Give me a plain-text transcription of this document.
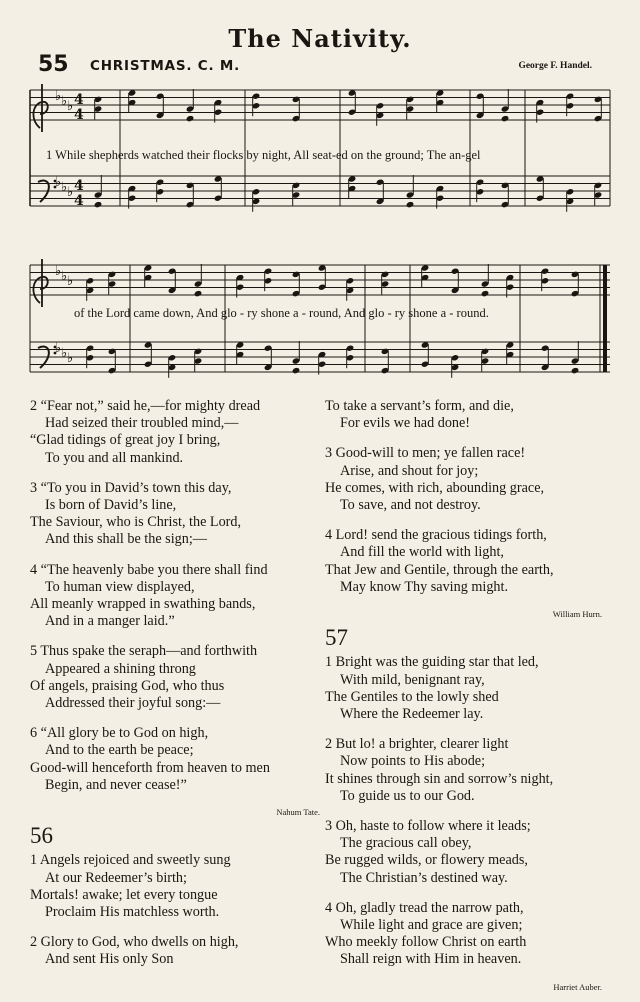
The Nativity.
55 CHRISTMAS. C. M.	George F. Handel.
♭ ♭ ♭
♭ ♭ ♭
4
4
4
4
♭ ♭ ♭
♭ ♭ ♭
1 While shepherds watched their flocks by night, All seat-ed on the ground; The an-gel
of the Lord came down, And glo - ry shone a - round, And glo - ry shone a - round.
2 “Fear not,” said he,—for mighty dread
Had seized their troubled mind,—
“Glad tidings of great joy I bring,
To you and all mankind.
3 “To you in David’s town this day,
Is born of David’s line,
The Saviour, who is Christ, the Lord,
And this shall be the sign;—
4 “The heavenly babe you there shall find
To human view displayed,
All meanly wrapped in swathing bands,
And in a manger laid.”
5 Thus spake the seraph—and forthwith
Appeared a shining throng
Of angels, praising God, who thus
Addressed their joyful song:—
6 “All glory be to God on high,
And to the earth be peace;
Good-will henceforth from heaven to men
Begin, and never cease!”
Nahum Tate.
56
1 Angels rejoiced and sweetly sung
At our Redeemer’s birth;
Mortals! awake; let every tongue
Proclaim His matchless worth.
2 Glory to God, who dwells on high,
And sent His only Son
To take a servant’s form, and die,
For evils we had done!
3 Good-will to men; ye fallen race!
Arise, and shout for joy;
He comes, with rich, abounding grace,
To save, and not destroy.
4 Lord! send the gracious tidings forth,
And fill the world with light,
That Jew and Gentile, through the earth,
May know Thy saving might.
William Hurn.
57
1 Bright was the guiding star that led,
With mild, benignant ray,
The Gentiles to the lowly shed
Where the Redeemer lay.
2 But lo! a brighter, clearer light
Now points to His abode;
It shines through sin and sorrow’s night,
To guide us to our God.
3 Oh, haste to follow where it leads;
The gracious call obey,
Be rugged wilds, or flowery meads,
The Christian’s destined way.
4 Oh, gladly tread the narrow path,
While light and grace are given;
Who meekly follow Christ on earth
Shall reign with Him in heaven.
Harriet Auber.
